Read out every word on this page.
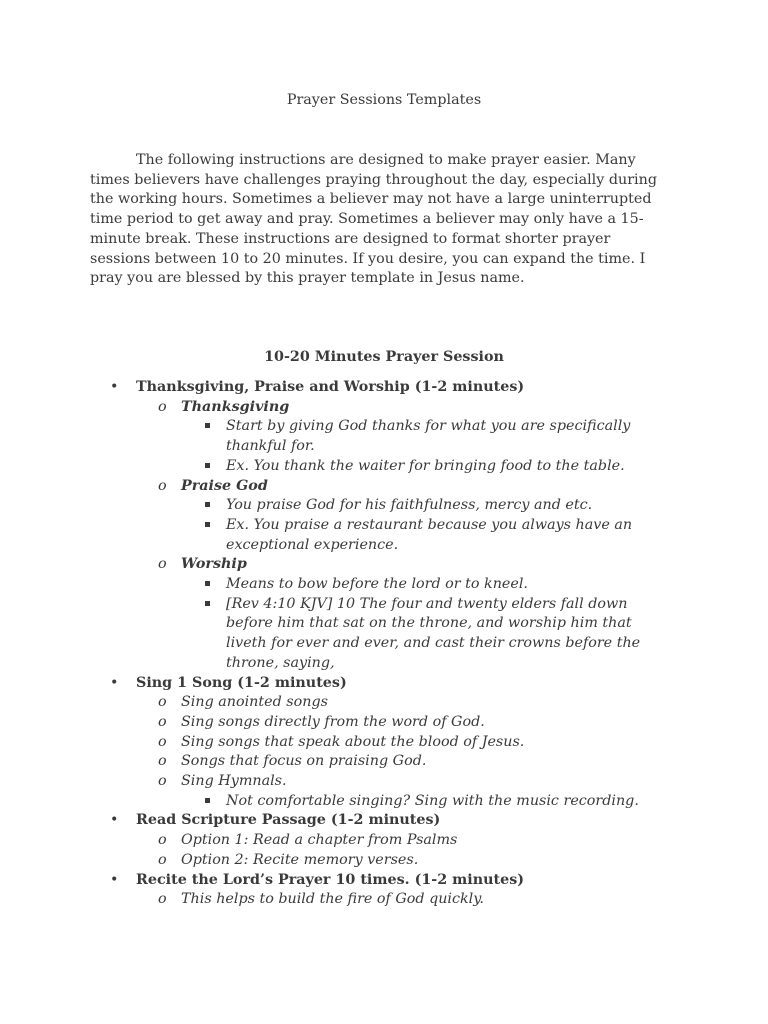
Prayer Sessions Templates

The following instructions are designed to make prayer easier. Many times believers have challenges praying throughout the day, especially during the working hours. Sometimes a believer may not have a large uninterrupted time period to get away and pray. Sometimes a believer may only have a 15-minute break. These instructions are designed to format shorter prayer sessions between 10 to 20 minutes. If you desire, you can expand the time. I pray you are blessed by this prayer template in Jesus name.

10-20 Minutes Prayer Session
• Thanksgiving, Praise and Worship (1-2 minutes)
o Thanksgiving
Start by giving God thanks for what you are specifically thankful for.
Ex. You thank the waiter for bringing food to the table.
o Praise God
You praise God for his faithfulness, mercy and etc.
Ex. You praise a restaurant because you always have an exceptional experience.
o Worship
Means to bow before the lord or to kneel.
[Rev 4:10 KJV] 10 The four and twenty elders fall down before him that sat on the throne, and worship him that liveth for ever and ever, and cast their crowns before the throne, saying,
• Sing 1 Song (1-2 minutes)
o Sing anointed songs
o Sing songs directly from the word of God.
o Sing songs that speak about the blood of Jesus.
o Songs that focus on praising God.
o Sing Hymnals.
Not comfortable singing? Sing with the music recording.
• Read Scripture Passage (1-2 minutes)
o Option 1: Read a chapter from Psalms
o Option 2: Recite memory verses.
• Recite the Lord’s Prayer 10 times. (1-2 minutes)
o This helps to build the fire of God quickly.
